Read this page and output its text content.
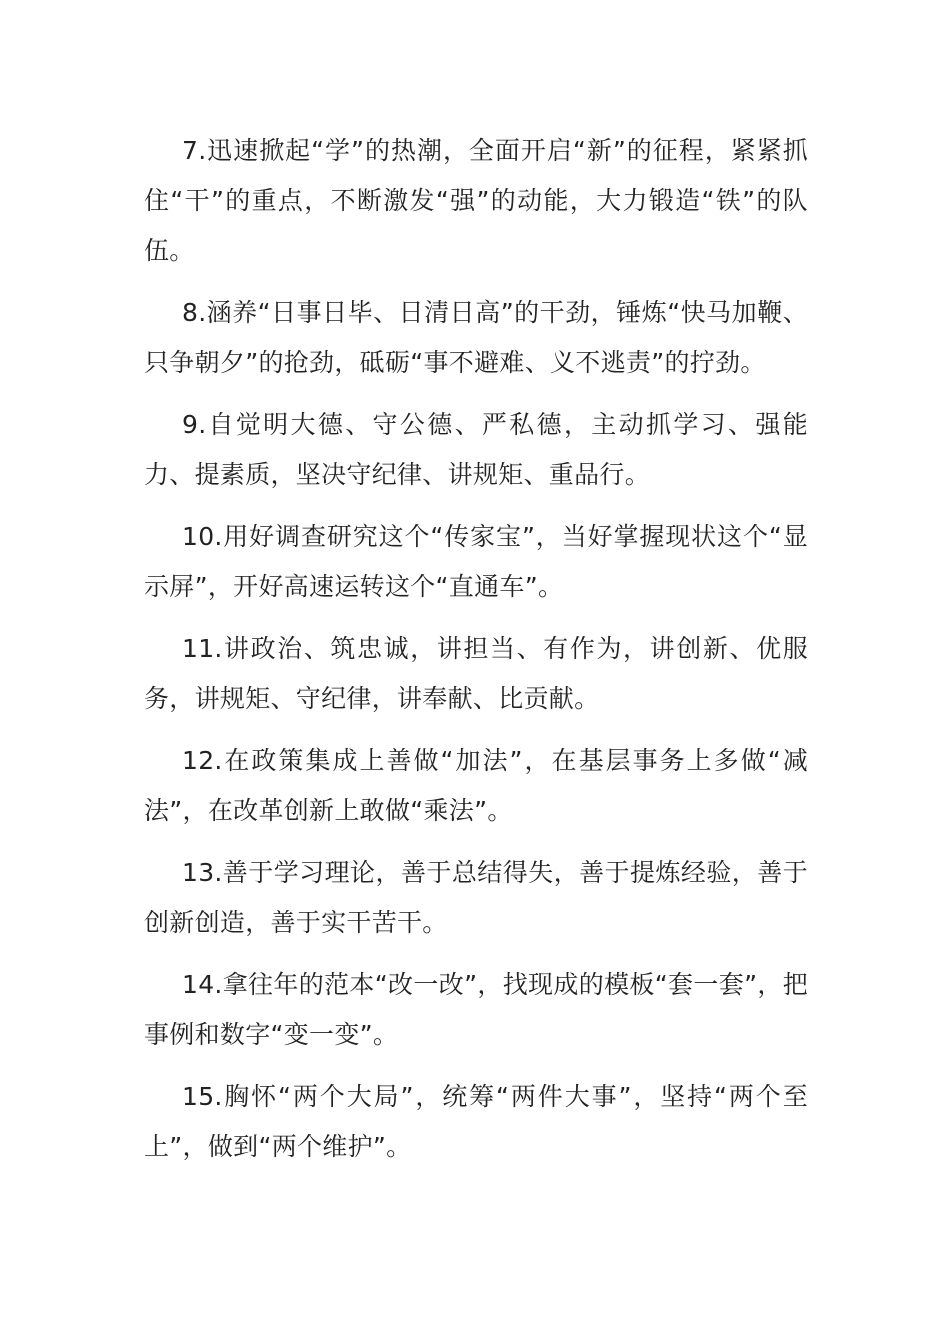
7.迅速掀起“学”的热潮，全面开启“新”的征程，紧紧抓住“干”的重点，不断激发“强”的动能，大力锻造“铁”的队伍。

8.涵养“日事日毕、日清日高”的干劲，锤炼“快马加鞭、只争朝夕”的抢劲，砥砺“事不避难、义不逃责”的拧劲。

9.自觉明大德、守公德、严私德，主动抓学习、强能力、提素质，坚决守纪律、讲规矩、重品行。

10.用好调查研究这个“传家宝”，当好掌握现状这个“显示屏”，开好高速运转这个“直通车”。

11.讲政治、筑忠诚，讲担当、有作为，讲创新、优服务，讲规矩、守纪律，讲奉献、比贡献。

12.在政策集成上善做“加法”，在基层事务上多做“减法”，在改革创新上敢做“乘法”。

13.善于学习理论，善于总结得失，善于提炼经验，善于创新创造，善于实干苦干。

14.拿往年的范本“改一改”，找现成的模板“套一套”，把事例和数字“变一变”。

15.胸怀“两个大局”，统筹“两件大事”，坚持“两个至上”，做到“两个维护”。
